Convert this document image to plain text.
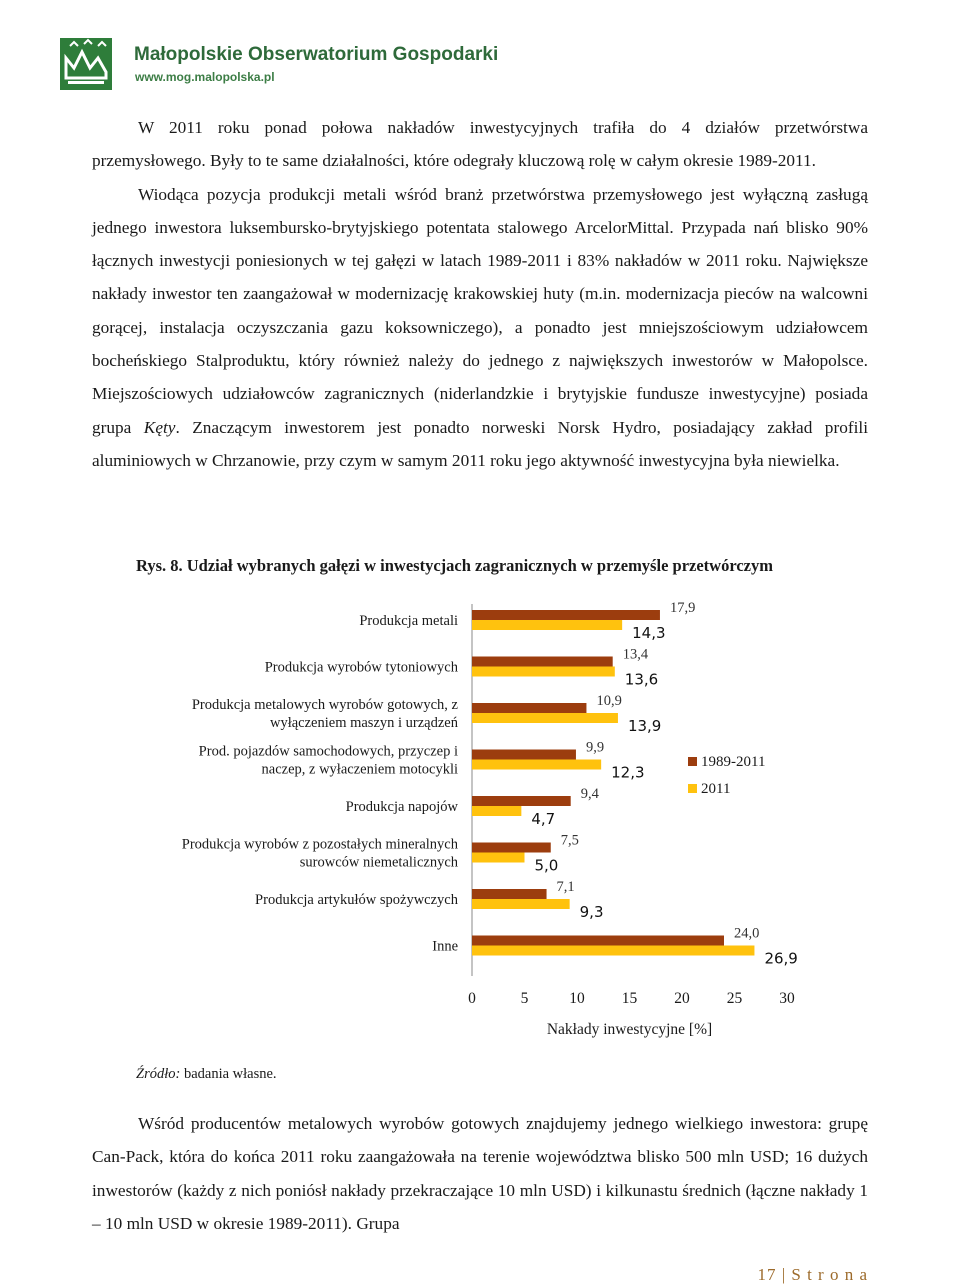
Małopolskie Obserwatorium Gospodarki
www.mog.malopolska.pl

W 2011 roku ponad połowa nakładów inwestycyjnych trafiła do 4 działów przetwórstwa przemysłowego. Były to te same działalności, które odegrały kluczową rolę w całym okresie 1989-2011.

Wiodąca pozycja produkcji metali wśród branż przetwórstwa przemysłowego jest wyłączną zasługą jednego inwestora luksembursko-brytyjskiego potentata stalowego ArcelorMittal. Przypada nań blisko 90% łącznych inwestycji poniesionych w tej gałęzi w latach 1989-2011 i 83% nakładów w 2011 roku. Największe nakłady inwestor ten zaangażował w modernizację krakowskiej huty (m.in. modernizacja pieców na walcowni gorącej, instalacja oczyszczania gazu koksowniczego), a ponadto jest mniejszościowym udziałowcem bocheńskiego Stalproduktu, który również należy do jednego z największych inwestorów w Małopolsce. Miejszościowych udziałowców zagranicznych (niderlandzkie i brytyjskie fundusze inwestycyjne) posiada grupa Kęty. Znaczącym inwestorem jest ponadto norweski Norsk Hydro, posiadający zakład profili aluminiowych w Chrzanowie, przy czym w samym 2011 roku jego aktywność inwestycyjna była niewielka.

Rys. 8. Udział wybranych gałęzi w inwestycjach zagranicznych w przemyśle przetwórczym
Produkcja metali
17,9
14,3
Produkcja wyrobów tytoniowych
13,4
13,6
Produkcja metalowych wyrobów gotowych, z
wyłączeniem maszyn i urządzeń
10,9
13,9
Prod. pojazdów samochodowych, przyczep i
naczep, z wyłaczeniem motocykli
9,9
12,3
Produkcja napojów
9,4
4,7
Produkcja wyrobów z pozostałych mineralnych
surowców niemetalicznych
7,5
5,0
Produkcja artykułów spożywczych
7,1
9,3
Inne
24,0
26,9
0	5	10 15 20 25 30
Nakłady inwestycyjne [%]
1989-2011
2011
Źródło: badania własne.

Wśród producentów metalowych wyrobów gotowych znajdujemy jednego wielkiego inwestora: grupę Can-Pack, która do końca 2011 roku zaangażowała na terenie województwa blisko 500 mln USD; 16 dużych inwestorów (każdy z nich poniósł nakłady przekraczające 10 mln USD) i kilkunastu średnich (łączne nakłady 1 – 10 mln USD w okresie 1989-2011). Grupa

17 | S t r o n a
